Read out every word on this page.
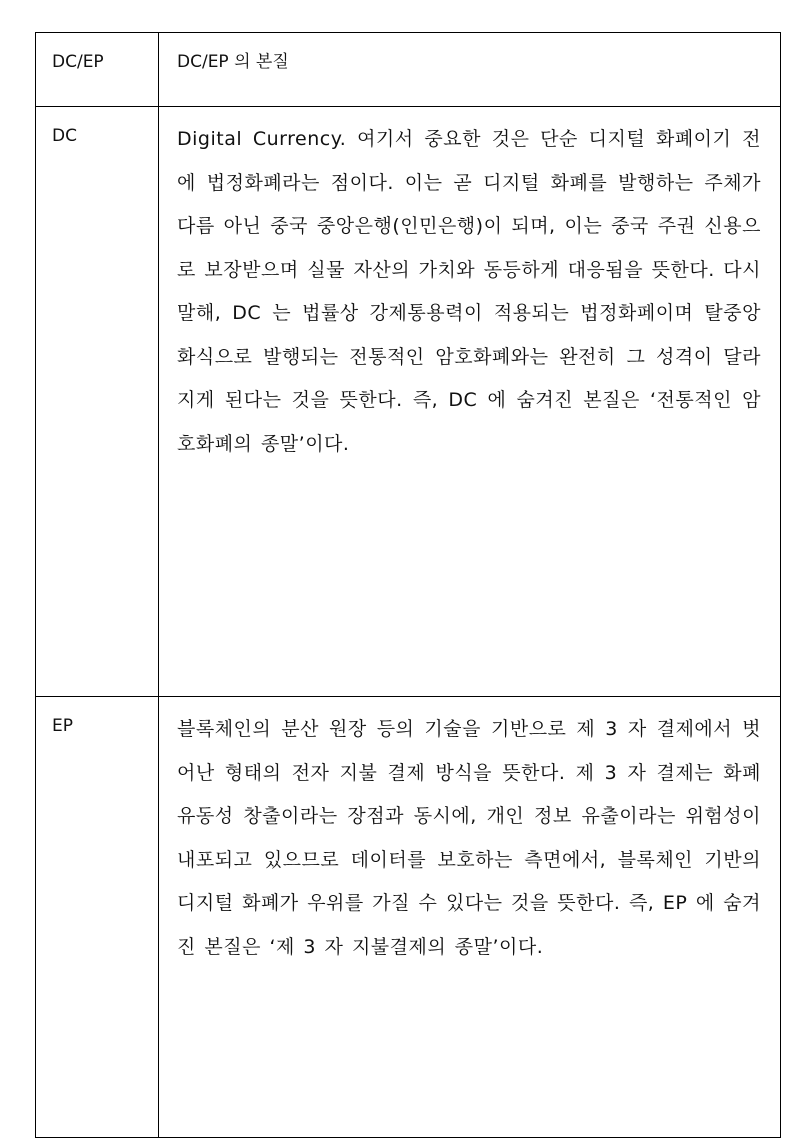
DC/EP	DC/EP 의 본질

DC	Digital Currency. 여기서 중요한 것은 단순 디지털 화폐이기 전에 법정화폐라는 점이다. 이는 곧 디지털 화폐를 발행하는 주체가 다름 아닌 중국 중앙은행(인민은행)이 되며, 이는 중국 주권 신용으로 보장받으며 실물 자산의 가치와 동등하게 대응됨을 뜻한다. 다시 말해, DC 는 법률상 강제통용력이 적용되는 법정화페이며 탈중앙화식으로 발행되는 전통적인 암호화폐와는 완전히 그 성격이 달라지게 된다는 것을 뜻한다. 즉, DC 에 숨겨진 본질은 ‘전통적인 암호화폐의 종말’이다.

EP	블록체인의 분산 원장 등의 기술을 기반으로 제 3 자 결제에서 벗어난 형태의 전자 지불 결제 방식을 뜻한다. 제 3 자 결제는 화폐 유동성 창출이라는 장점과 동시에, 개인 정보 유출이라는 위험성이 내포되고 있으므로 데이터를 보호하는 측면에서, 블록체인 기반의 디지털 화폐가 우위를 가질 수 있다는 것을 뜻한다. 즉, EP 에 숨겨진 본질은 ‘제 3 자 지불결제의 종말’이다.
